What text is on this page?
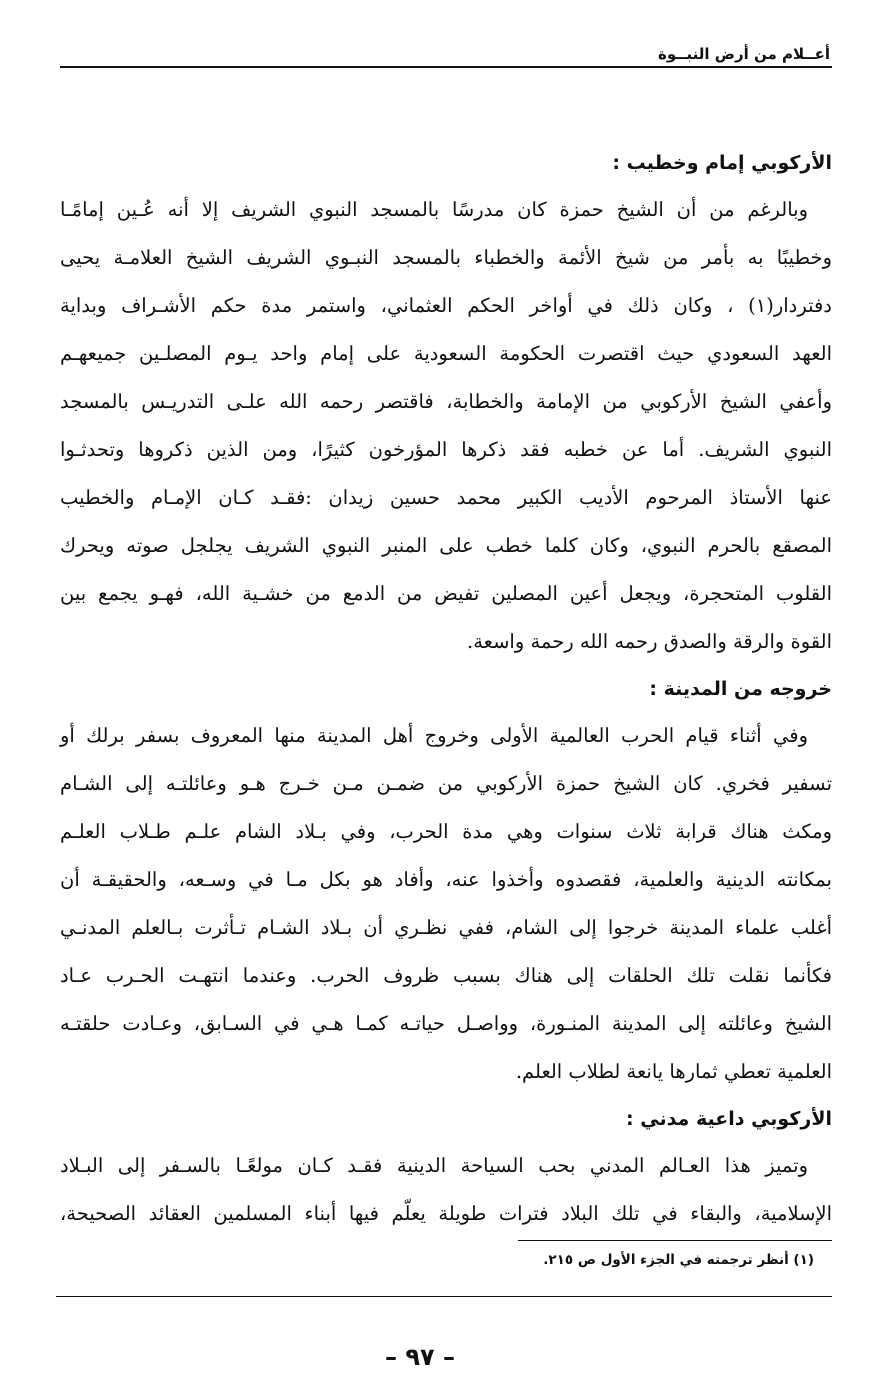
أعــلام من أرض النبــوة
الأركوبي إمام وخطيب :
وبالرغم من أن الشيخ حمزة كان مدرسًا بالمسجد النبوي الشريف إلا أنه عُـين إمامًـا
وخطيبًا به بأمر من شيخ الأئمة والخطباء بالمسجد النبـوي الشريف الشيخ العلامـة يحيى
دفتردار(١) ، وكان ذلك في أواخر الحكم العثماني، واستمر مدة حكم الأشـراف وبداية
العهد السعودي حيث اقتصرت الحكومة السعودية على إمام واحد يـوم المصلـين جميعهـم
وأعفي الشيخ الأركوبي من الإمامة والخطابة، فاقتصر رحمه الله علـى التدريـس بالمسجد
النبوي الشريف. أما عن خطبه فقد ذكرها المؤرخون كثيرًا، ومن الذين ذكروها وتحدثـوا
عنها الأستاذ المرحوم الأديب الكبير محمد حسين زيدان :فقـد كـان الإمـام والخطيب
المصقع بالحرم النبوي، وكان كلما خطب على المنبر النبوي الشريف يجلجل صوته ويحرك
القلوب المتحجرة، ويجعل أعين المصلين تفيض من الدمع من خشـية الله، فهـو يجمع بين
القوة والرقة والصدق رحمه الله رحمة واسعة.
خروجه من المدينة :
وفي أثناء قيام الحرب العالمية الأولى وخروج أهل المدينة منها المعروف بسفر برلك أو
تسفير فخري. كان الشيخ حمزة الأركوبي من ضمـن مـن خـرج هـو وعائلتـه إلى الشـام
ومكث هناك قرابة ثلاث سنوات وهي مدة الحرب، وفي بـلاد الشام علـم طـلاب العلـم
بمكانته الدينية والعلمية، فقصدوه وأخذوا عنه، وأفاد هو بكل مـا في وسـعه، والحقيقـة أن
أغلب علماء المدينة خرجوا إلى الشام، ففي نظـري أن بـلاد الشـام تـأثرت بـالعلم المدنـي
فكأنما نقلت تلك الحلقات إلى هناك بسبب ظروف الحرب. وعندما انتهـت الحـرب عـاد
الشيخ وعائلته إلى المدينة المنـورة، وواصـل حياتـه كمـا هـي في السـابق، وعـادت حلقتـه
العلمية تعطي ثمارها يانعة لطلاب العلم.
الأركوبي داعية مدني :
وتميز هذا العـالم المدني بحب السياحة الدينية فقـد كـان مولعًـا بالسـفر إلى البـلاد
الإسلامية، والبقاء في تلك البلاد فترات طويلة يعلّم فيها أبناء المسلمين العقائد الصحيحة،
(١) أنظر ترجمته في الجزء الأول ص ٢١٥.
– ٩٧ –
